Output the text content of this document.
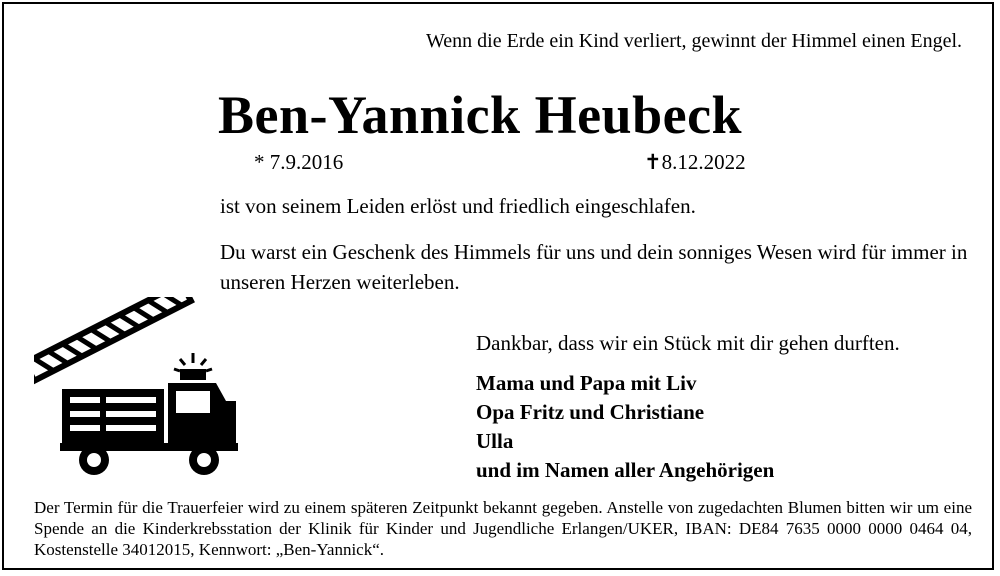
Wenn die Erde ein Kind verliert, gewinnt der Himmel einen Engel.
Ben-Yannick Heubeck
* 7.9.2016	✝8.12.2022
ist von seinem Leiden erlöst und friedlich eingeschlafen.
Du warst ein Geschenk des Himmels für uns und dein sonniges Wesen wird für immer in unseren Herzen weiterleben.
Dankbar, dass wir ein Stück mit dir gehen durften.
Mama und Papa mit Liv
Opa Fritz und Christiane
Ulla
und im Namen aller Angehörigen
Der Termin für die Trauerfeier wird zu einem späteren Zeitpunkt bekannt gegeben. Anstelle von zugedachten Blumen bitten wir um eine Spende an die Kinderkrebsstation der Klinik für Kinder und Jugendliche Erlangen/UKER, IBAN: DE84 7635 0000 0000 0464 04, Kostenstelle 34012015, Kennwort: „Ben-Yannick“.
